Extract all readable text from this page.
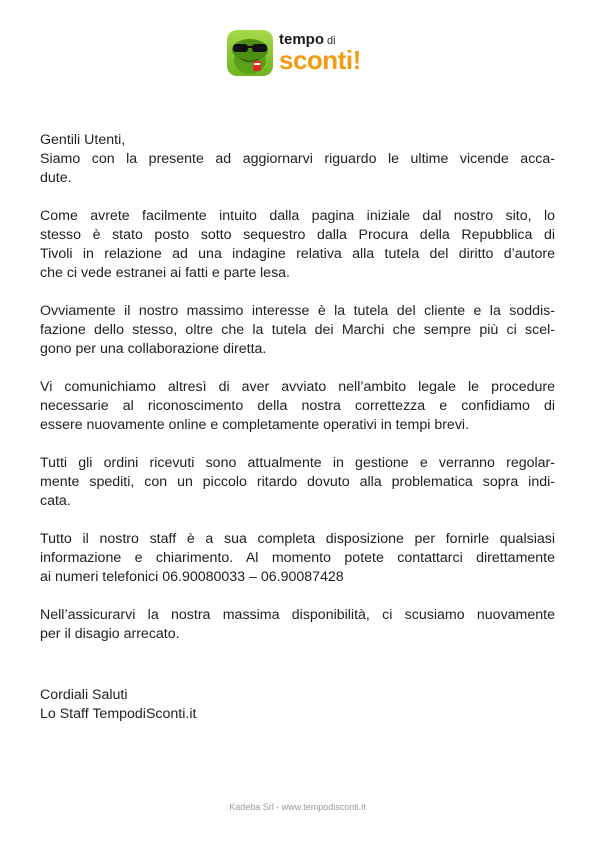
tempo di
sconti!

Gentili Utenti,
Siamo con la presente ad aggiornarvi riguardo le ultime vicende acca-
dute.

Come avrete facilmente intuito dalla pagina iniziale dal nostro sito, lo
stesso è stato posto sotto sequestro dalla Procura della Repubblica di
Tivoli in relazione ad una indagine relativa alla tutela del diritto d’autore
che ci vede estranei ai fatti e parte lesa.

Ovviamente il nostro massimo interesse è la tutela del cliente e la soddis-
fazione dello stesso, oltre che la tutela dei Marchi che sempre più ci scel-
gono per una collaborazione diretta.

Vi comunichiamo altresì di aver avviato nell’ambito legale le procedure
necessarie al riconoscimento della nostra correttezza e confidiamo di
essere nuovamente online e completamente operativi in tempi brevi.

Tutti gli ordini ricevuti sono attualmente in gestione e verranno regolar-
mente spediti, con un piccolo ritardo dovuto alla problematica sopra indi-
cata.

Tutto il nostro staff è a sua completa disposizione per fornirle qualsiasi
informazione e chiarimento. Al momento potete contattarci direttamente
ai numeri telefonici 06.90080033 – 06.90087428

Nell’assicurarvi la nostra massima disponibilità, ci scusiamo nuovamente
per il disagio arrecato.

Cordiali Saluti
Lo Staff TempodiSconti.it
Kadeba Srl - www.tempodisconti.it
